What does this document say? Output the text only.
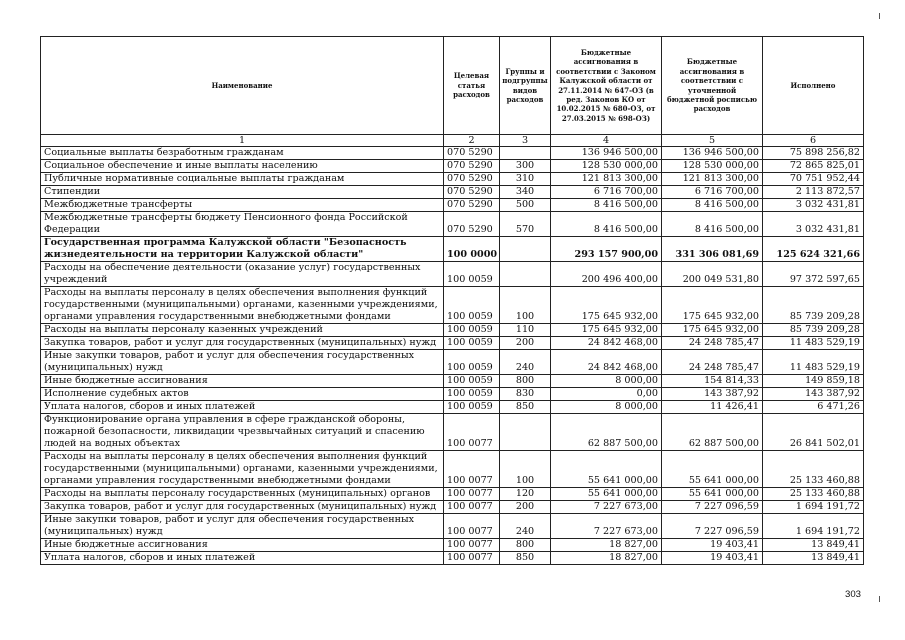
Наименование	Целевая статья расходов	Группы и подгруппы видов расходов	Бюджетные ассигнования в соответствии с Законом Калужской области от 27.11.2014 № 647-ОЗ (в ред. Законов КО от 10.02.2015 № 680-ОЗ, от 27.03.2015 № 698-ОЗ)	Бюджетные ассигнования в соответствии с уточненной бюджетной росписью расходов	Исполнено
1	2	3	4	5	6
Социальные выплаты безработным гражданам	070 5290		136 946 500,00	136 946 500,00	75 898 256,82
Социальное обеспечение и иные выплаты населению	070 5290	300	128 530 000,00	128 530 000,00	72 865 825,01
Публичные нормативные социальные выплаты гражданам	070 5290	310	121 813 300,00	121 813 300,00	70 751 952,44
Стипендии	070 5290	340	6 716 700,00	6 716 700,00	2 113 872,57
Межбюджетные трансферты	070 5290	500	8 416 500,00	8 416 500,00	3 032 431,81
Межбюджетные трансферты бюджету Пенсионного фонда Российской Федерации	070 5290	570	8 416 500,00	8 416 500,00	3 032 431,81
Государственная программа Калужской области "Безопасность жизнедеятельности на территории Калужской области"	100 0000		293 157 900,00	331 306 081,69	125 624 321,66
Расходы на обеспечение деятельности (оказание услуг) государственных учреждений	100 0059		200 496 400,00	200 049 531,80	97 372 597,65
Расходы на выплаты персоналу в целях обеспечения выполнения функций государственными (муниципальными) органами, казенными учреждениями, органами управления государственными внебюджетными фондами	100 0059	100	175 645 932,00	175 645 932,00	85 739 209,28
Расходы на выплаты персоналу казенных учреждений	100 0059	110	175 645 932,00	175 645 932,00	85 739 209,28
Закупка товаров, работ и услуг для государственных (муниципальных) нужд	100 0059	200	24 842 468,00	24 248 785,47	11 483 529,19
Иные закупки товаров, работ и услуг для обеспечения государственных (муниципальных) нужд	100 0059	240	24 842 468,00	24 248 785,47	11 483 529,19
Иные бюджетные ассигнования	100 0059	800	8 000,00	154 814,33	149 859,18
Исполнение судебных актов	100 0059	830	0,00	143 387,92	143 387,92
Уплата налогов, сборов и иных платежей	100 0059	850	8 000,00	11 426,41	6 471,26
Функционирование органа управления в сфере гражданской обороны, пожарной безопасности, ликвидации чрезвычайных ситуаций и спасению людей на водных объектах	100 0077		62 887 500,00	62 887 500,00	26 841 502,01
Расходы на выплаты персоналу в целях обеспечения выполнения функций государственными (муниципальными) органами, казенными учреждениями, органами управления государственными внебюджетными фондами	100 0077	100	55 641 000,00	55 641 000,00	25 133 460,88
Расходы на выплаты персоналу государственных (муниципальных) органов	100 0077	120	55 641 000,00	55 641 000,00	25 133 460,88
Закупка товаров, работ и услуг для государственных (муниципальных) нужд	100 0077	200	7 227 673,00	7 227 096,59	1 694 191,72
Иные закупки товаров, работ и услуг для обеспечения государственных (муниципальных) нужд	100 0077	240	7 227 673,00	7 227 096,59	1 694 191,72
Иные бюджетные ассигнования	100 0077	800	18 827,00	19 403,41	13 849,41
Уплата налогов, сборов и иных платежей	100 0077	850	18 827,00	19 403,41	13 849,41
303
